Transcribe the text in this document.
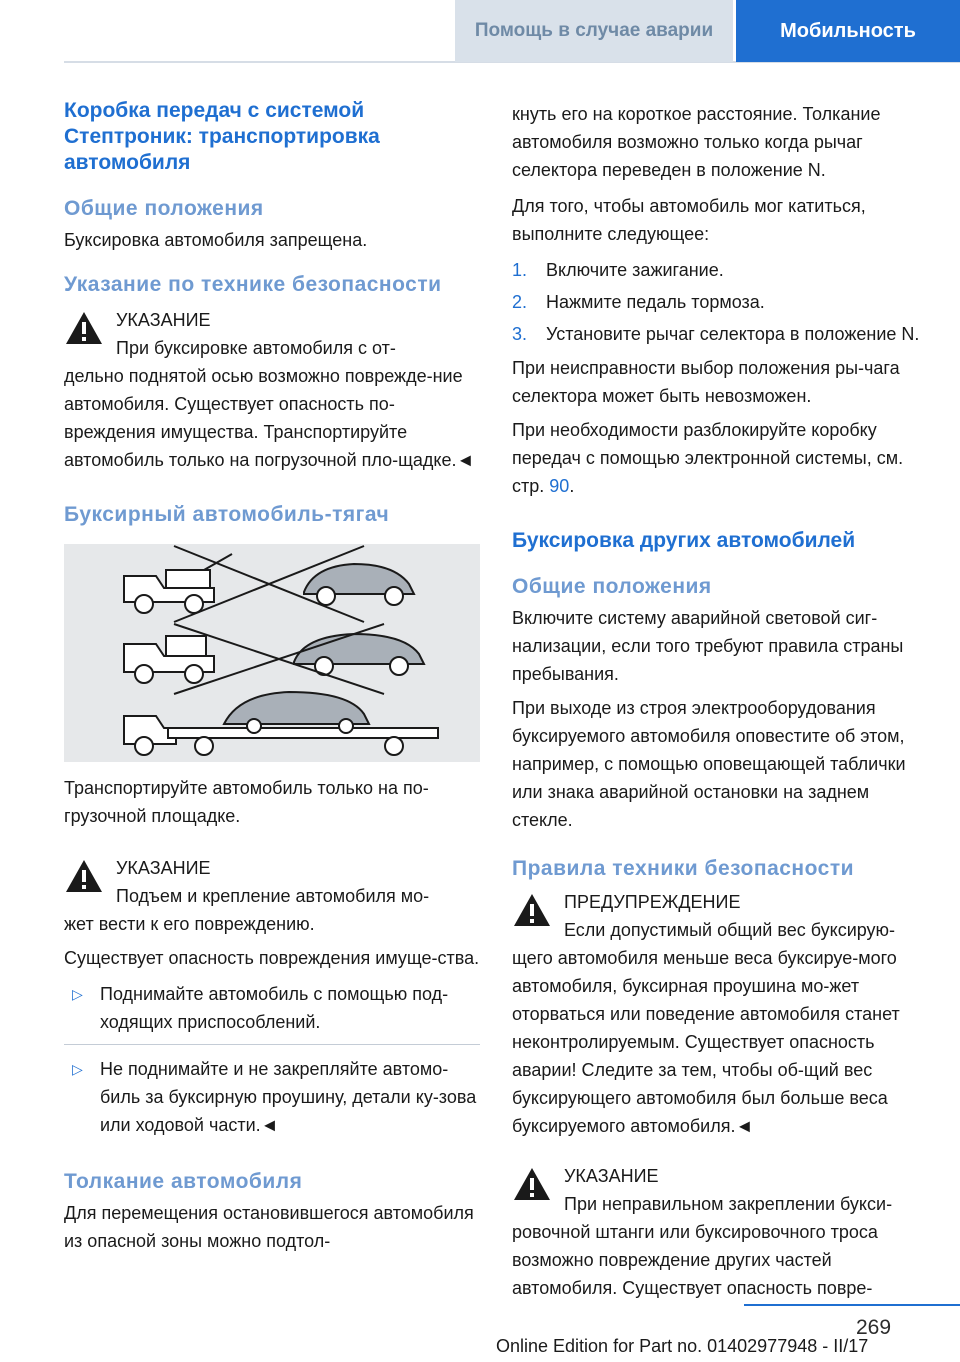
Помощь в случае аварии	Мобильность
Коробка передач с системой Стептроник: транспортировка автомобиля
Общие положения

Буксировка автомобиля запрещена.

Указание по технике безопасности

УКАЗАНИЕ

При буксировке автомобиля с от-

дельно поднятой осью возможно поврежде-ние автомобиля. Существует опасность по-вреждения имущества. Транспортируйте автомобиль только на погрузочной пло-щадке.◄

Буксирный автомобиль-тягач

Транспортируйте автомобиль только на по-грузочной площадке.

УКАЗАНИЕ

Подъем и крепление автомобиля мо-

жет вести к его повреждению.

Существует опасность повреждения имуще-ства.

▷ Поднимайте автомобиль с помощью под-ходящих приспособлений.
▷ Не поднимайте и не закрепляйте автомо-биль за буксирную проушину, детали ку-зова или ходовой части.◄
Толкание автомобиля

Для перемещения остановившегося автомобиля из опасной зоны можно подтол-

кнуть его на короткое расстояние. Толкание автомобиля возможно только когда рычаг селектора переведен в положение N.

Для того, чтобы автомобиль мог катиться, выполните следующее:

1. Включите зажигание.
2. Нажмите педаль тормоза.
3. Установите рычаг селектора в положение N.

При неисправности выбор положения ры-чага селектора может быть невозможен.

При необходимости разблокируйте коробку передач с помощью электронной системы, см. стр. 90.

Буксировка других автомобилей
Общие положения

Включите систему аварийной световой сиг-нализации, если того требуют правила страны пребывания.

При выходе из строя электрооборудования буксируемого автомобиля оповестите об этом, например, с помощью оповещающей таблички или знака аварийной остановки на заднем стекле.

Правила техники безопасности

ПРЕДУПРЕЖДЕНИЕ

Если допустимый общий вес буксирую-

щего автомобиля меньше веса буксируе-мого автомобиля, буксирная проушина мо-жет оторваться или поведение автомобиля станет неконтролируемым. Существует опасность аварии! Следите за тем, чтобы об-щий вес буксирующего автомобиля был больше веса буксируемого автомобиля.◄

УКАЗАНИЕ

При неправильном закреплении букси-

ровочной штанги или буксировочного троса возможно повреждение других частей автомобиля. Существует опасность повре-

269
Online Edition for Part no. 01402977948 - II/17
